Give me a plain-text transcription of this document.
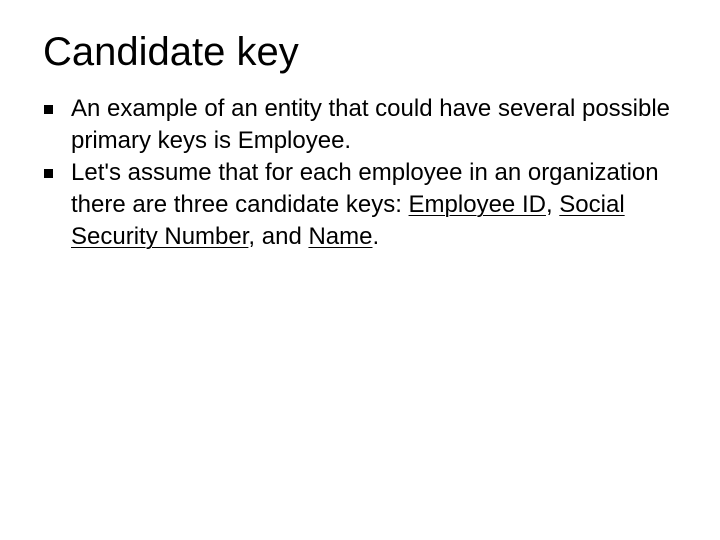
Candidate key
An example of an entity that could have several possible primary keys is Employee.
Let's assume that for each employee in an organization there are three candidate keys: Employee ID, Social Security Number, and Name.
